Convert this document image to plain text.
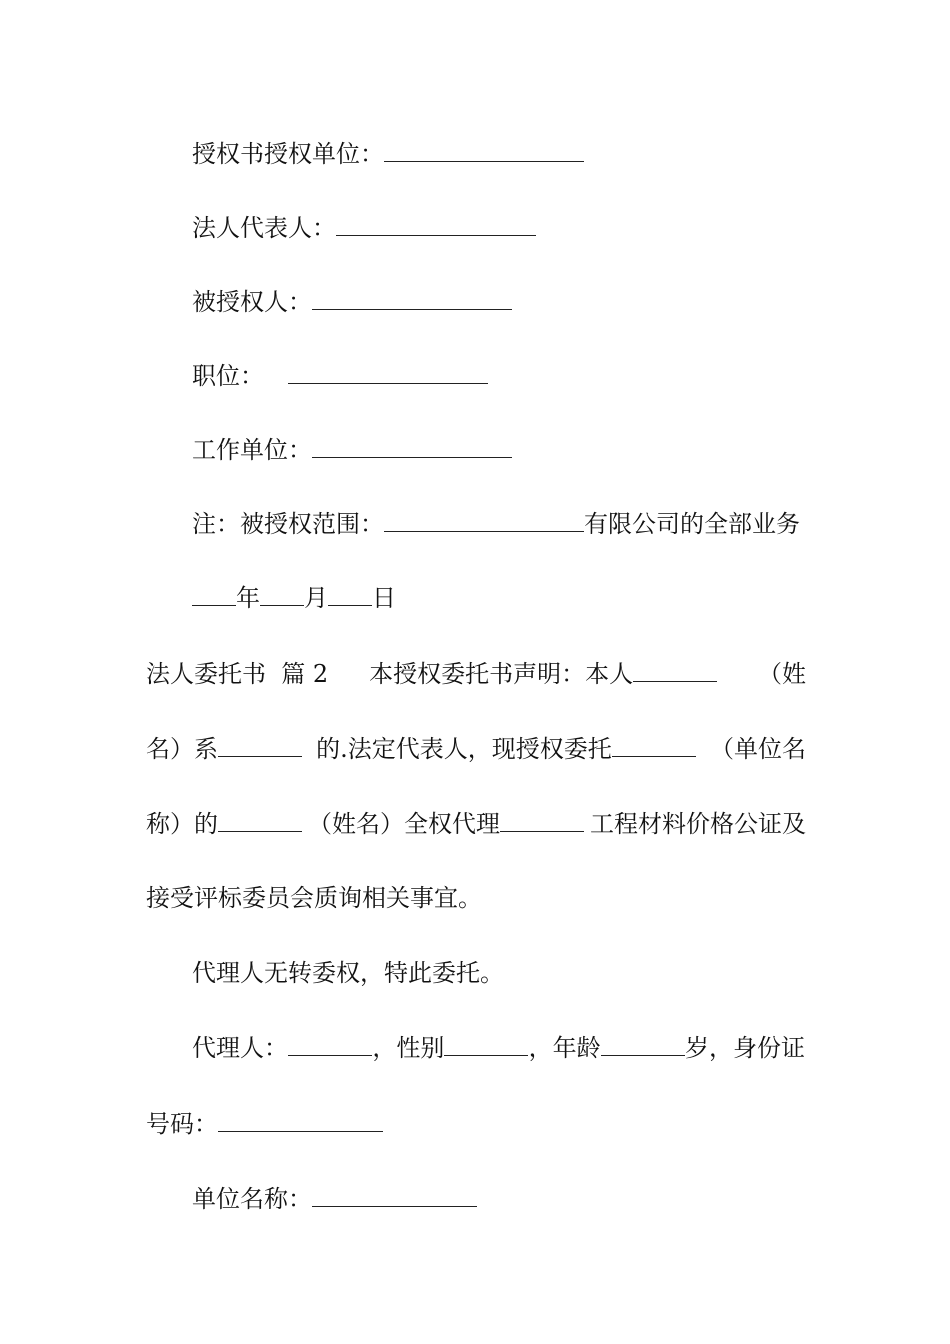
授权书授权单位：
法人代表人：
被授权人：
职位：
工作单位：
注：被授权范围：	有限公司的全部业务
年 月 日
法人委托书 篇 2 本授权委托书声明：本人	（姓
名）系	的.法定代表人，现授权委托	（单位名
称）的	（姓名）全权代理	工程材料价格公证及
接受评标委员会质询相关事宜。
代理人无转委权，特此委托。
代理人：	，性别	，年龄	岁，身份证
号码：
单位名称：
